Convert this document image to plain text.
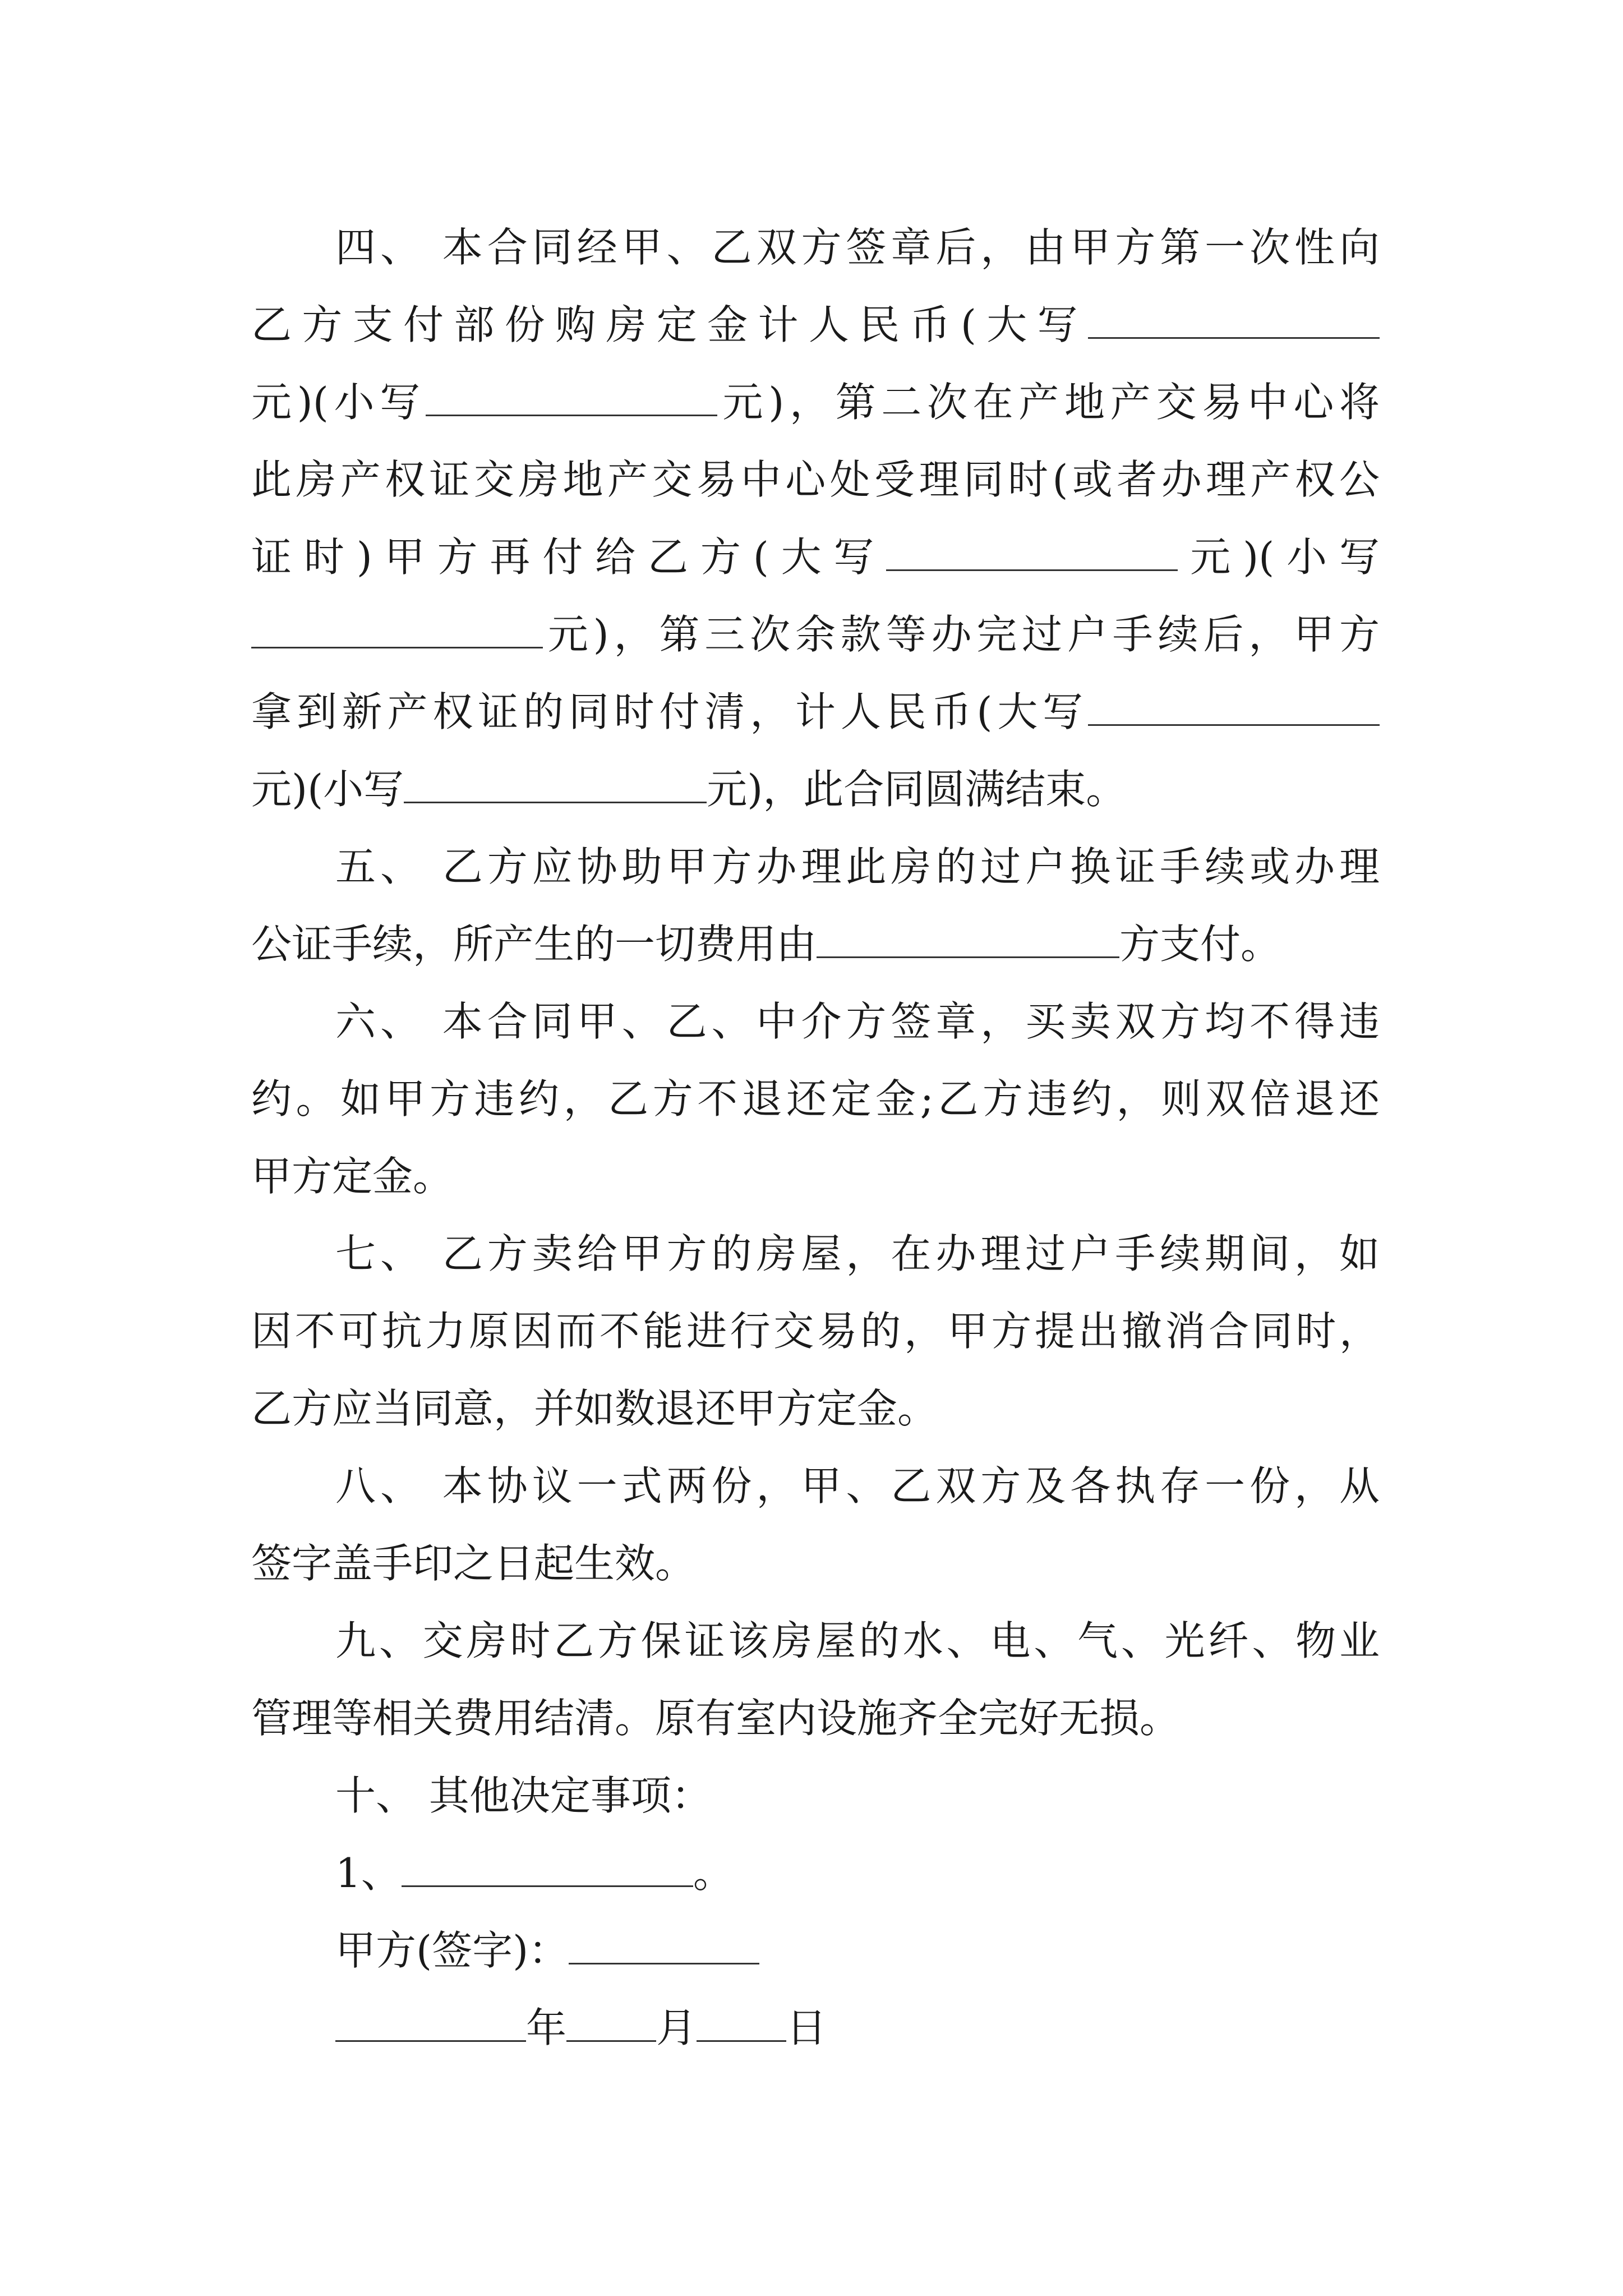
四、 本合同经甲、乙双方签章后，由甲方第一次性向
乙方支付部份购房定金计人民币(大写
元)(小写	元)，第二次在产地产交易中心将
此房产权证交房地产交易中心处受理同时(或者办理产权公
证时)甲方再付给乙方(大写	元)(小写
元)，第三次余款等办完过户手续后，甲方
拿到新产权证的同时付清，计人民币(大写
元)(小写	元)，此合同圆满结束。
五、 乙方应协助甲方办理此房的过户换证手续或办理
公证手续，所产生的一切费用由	方支付。
六、 本合同甲、乙、中介方签章，买卖双方均不得违
约。如甲方违约，乙方不退还定金;乙方违约，则双倍退还
甲方定金。
七、 乙方卖给甲方的房屋，在办理过户手续期间，如
因不可抗力原因而不能进行交易的，甲方提出撤消合同时，
乙方应当同意，并如数退还甲方定金。
八、 本协议一式两份，甲、乙双方及各执存一份，从
签字盖手印之日起生效。
九、交房时乙方保证该房屋的水、电、气、光纤、物业
管理等相关费用结清。原有室内设施齐全完好无损。
十、 其他决定事项：
1、	。
甲方(签字)：
年 月 日
